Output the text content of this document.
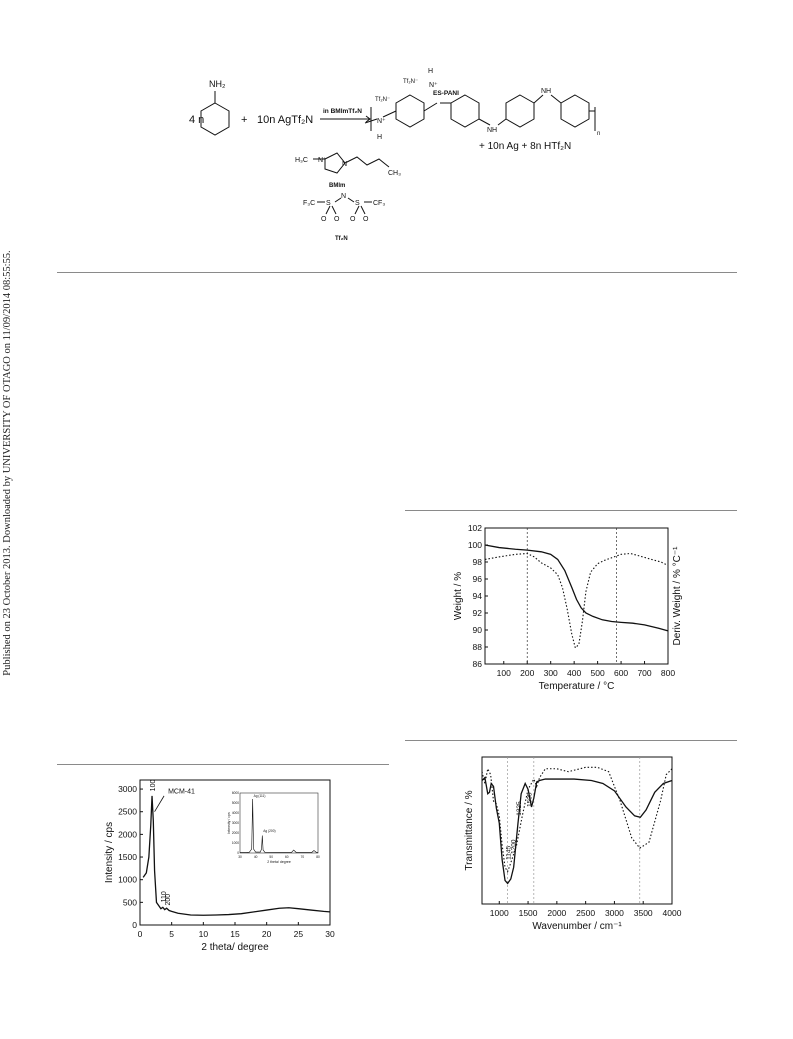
Published on 23 October 2013. Downloaded by UNIVERSITY OF OTAGO on 11/09/2014 08:55:55.
4 n
NH₂
+ 10n AgTf₂N
in BMImTf₂N
ES-PANI
Tf₂N⁻
Tf₂N⁻
H
N⁺
N⁺
H
NH
NH
n
+ 10n Ag + 8n HTf₂N
H₃C N⁺
N
CH₃
BMIm
F₃C S
N
S CF₃
O O O O
Tf₂N
100 200 300 400 500 600 700 800
86
88
90
92
94
96
98
100
102
Temperature / °C
Weight / %	Deriv. Weight / % °C⁻¹
1000 1500 2000 2500 3000 3500 4000
Wavenumber / cm⁻¹
Transmittance / %	1145
1200
1325
1505
0	5	10	15	20	25	30
0
500
1000
1500
2000
2500
3000
2 theta/ degree
Intensity / cps
MCM-41
100
110
200
30	40	50	60	70	80
0
1000
2000
3000
4000
5000
6000
2 theta/ degree
Intensity / cps
Ag (111)
Ag (200)
